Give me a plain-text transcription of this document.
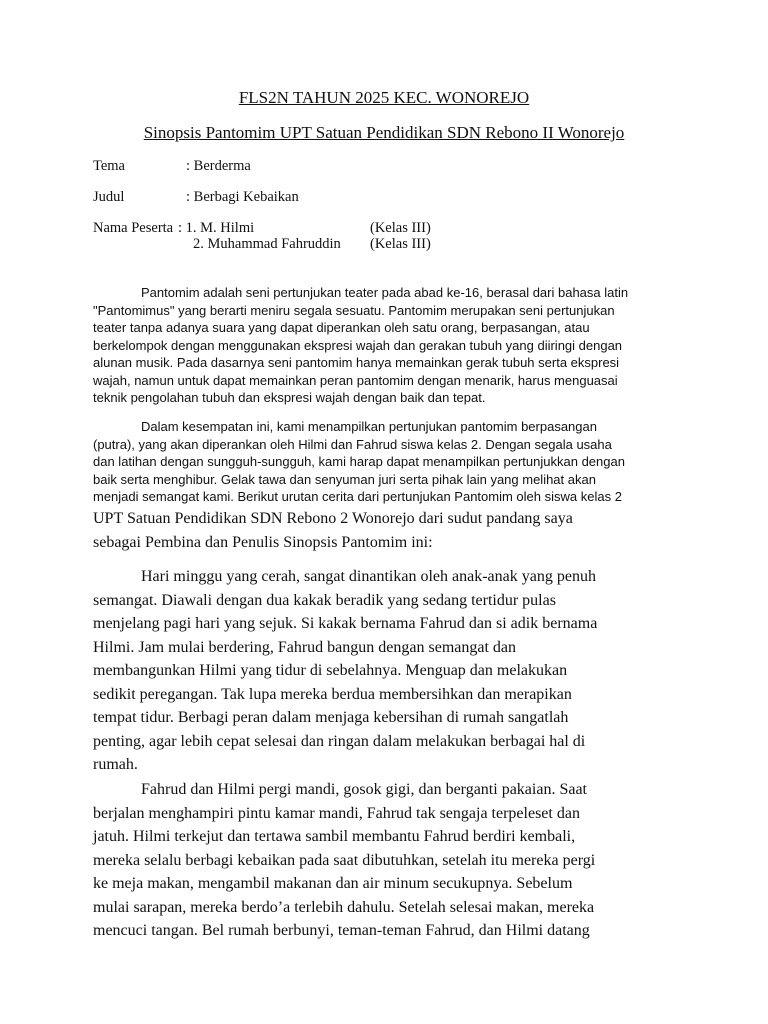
FLS2N TAHUN 2025 KEC. WONOREJO
Sinopsis Pantomim UPT Satuan Pendidikan SDN Rebono II Wonorejo
Tema	: Berderma
Judul	: Berbagi Kebaikan
Nama Peserta : 1. M. Hilmi	(Kelas III)
2. Muhammad Fahruddin (Kelas III)

Pantomim adalah seni pertunjukan teater pada abad ke-16, berasal dari bahasa latin

"Pantomimus" yang berarti meniru segala sesuatu. Pantomim merupakan seni pertunjukan

teater tanpa adanya suara yang dapat diperankan oleh satu orang, berpasangan, atau

berkelompok dengan menggunakan ekspresi wajah dan gerakan tubuh yang diiringi dengan

alunan musik. Pada dasarnya seni pantomim hanya memainkan gerak tubuh serta ekspresi

wajah, namun untuk dapat memainkan peran pantomim dengan menarik, harus menguasai

teknik pengolahan tubuh dan ekspresi wajah dengan baik dan tepat.

Dalam kesempatan ini, kami menampilkan pertunjukan pantomim berpasangan

(putra), yang akan diperankan oleh Hilmi dan Fahrud siswa kelas 2. Dengan segala usaha

dan latihan dengan sungguh-sungguh, kami harap dapat menampilkan pertunjukkan dengan

baik serta menghibur. Gelak tawa dan senyuman juri serta pihak lain yang melihat akan

menjadi semangat kami. Berikut urutan cerita dari pertunjukan Pantomim oleh siswa kelas 2

UPT Satuan Pendidikan SDN Rebono 2 Wonorejo dari sudut pandang saya

sebagai Pembina dan Penulis Sinopsis Pantomim ini:

Hari minggu yang cerah, sangat dinantikan oleh anak-anak yang penuh

semangat. Diawali dengan dua kakak beradik yang sedang tertidur pulas

menjelang pagi hari yang sejuk. Si kakak bernama Fahrud dan si adik bernama

Hilmi. Jam mulai berdering, Fahrud bangun dengan semangat dan

membangunkan Hilmi yang tidur di sebelahnya. Menguap dan melakukan

sedikit peregangan. Tak lupa mereka berdua membersihkan dan merapikan

tempat tidur. Berbagi peran dalam menjaga kebersihan di rumah sangatlah

penting, agar lebih cepat selesai dan ringan dalam melakukan berbagai hal di

rumah.

Fahrud dan Hilmi pergi mandi, gosok gigi, dan berganti pakaian. Saat

berjalan menghampiri pintu kamar mandi, Fahrud tak sengaja terpeleset dan

jatuh. Hilmi terkejut dan tertawa sambil membantu Fahrud berdiri kembali,

mereka selalu berbagi kebaikan pada saat dibutuhkan, setelah itu mereka pergi

ke meja makan, mengambil makanan dan air minum secukupnya. Sebelum

mulai sarapan, mereka berdo’a terlebih dahulu. Setelah selesai makan, mereka

mencuci tangan. Bel rumah berbunyi, teman-teman Fahrud, dan Hilmi datang
